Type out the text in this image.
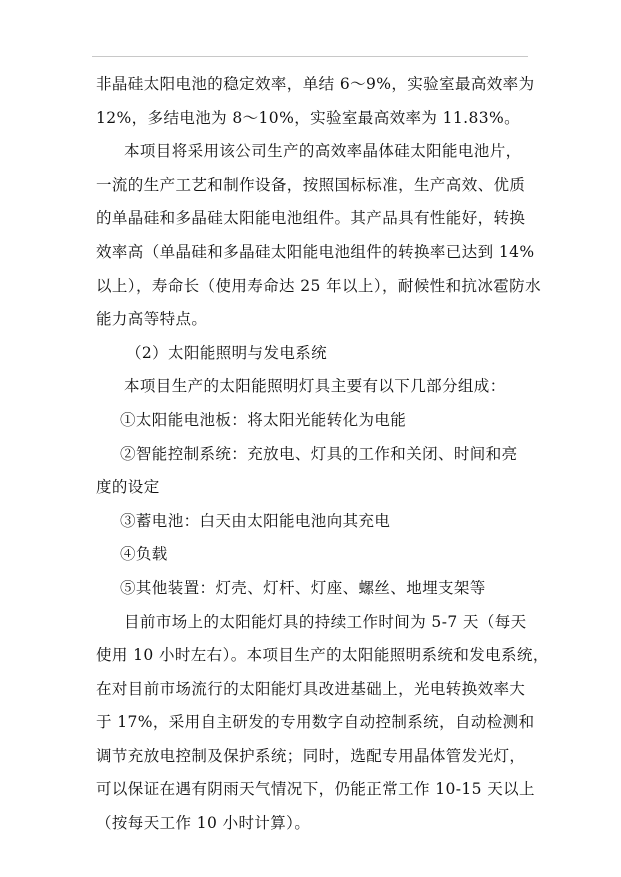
非晶硅太阳电池的稳定效率，单结 6～9%，实验室最高效率为
12%，多结电池为 8～10%，实验室最高效率为 11.83%。
本项目将采用该公司生产的高效率晶体硅太阳能电池片，
一流的生产工艺和制作设备，按照国标标准，生产高效、优质
的单晶硅和多晶硅太阳能电池组件。其产品具有性能好，转换
效率高（单晶硅和多晶硅太阳能电池组件的转换率已达到 14%
以上），寿命长（使用寿命达 25 年以上），耐候性和抗冰雹防水
能力高等特点。
（2）太阳能照明与发电系统
本项目生产的太阳能照明灯具主要有以下几部分组成：
①太阳能电池板：将太阳光能转化为电能
②智能控制系统：充放电、灯具的工作和关闭、时间和亮
度的设定
③蓄电池：白天由太阳能电池向其充电
④负载
⑤其他装置：灯壳、灯杆、灯座、螺丝、地埋支架等
目前市场上的太阳能灯具的持续工作时间为 5-7 天（每天
使用 10 小时左右）。本项目生产的太阳能照明系统和发电系统，
在对目前市场流行的太阳能灯具改进基础上，光电转换效率大
于 17%，采用自主研发的专用数字自动控制系统，自动检测和
调节充放电控制及保护系统；同时，选配专用晶体管发光灯，
可以保证在遇有阴雨天气情况下，仍能正常工作 10-15 天以上
（按每天工作 10 小时计算）。
